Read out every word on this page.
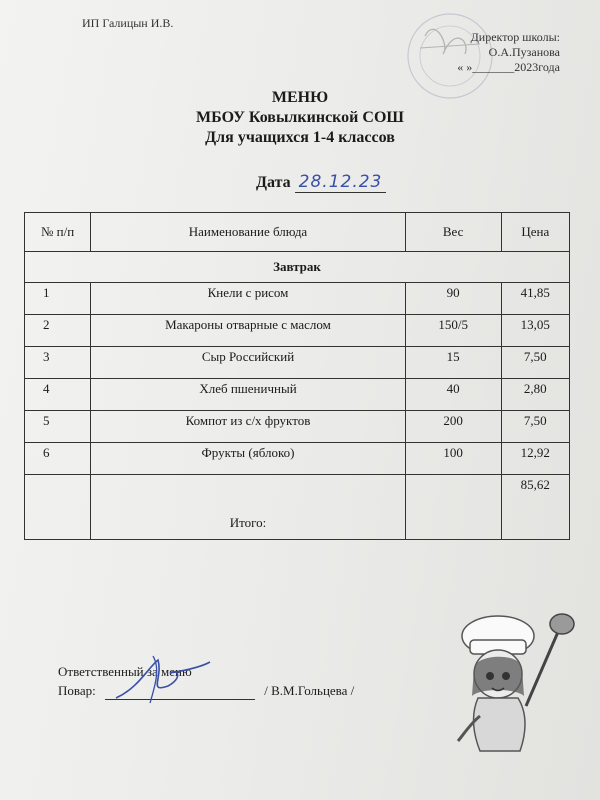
ИП Галицын И.В.
Директор школы:
О.А.Пузанова
« »_______2023года
МЕНЮ
МБОУ Ковылкинской СОШ
Для учащихся 1-4 классов
Дата 28.12.23
№ п/п	Наименование блюда	Вес	Цена
Завтрак			
1	Кнели с рисом	90	41,85
2	Макароны отварные с маслом	150/5	13,05
3	Сыр Российский	15	7,50
4	Хлеб пшеничный	40	2,80
5	Компот из с/х фруктов	200	7,50
6	Фрукты (яблоко)	100	12,92
	Итого:		85,62
Ответственный за меню
Повар:	/ В.М.Гольцева /
